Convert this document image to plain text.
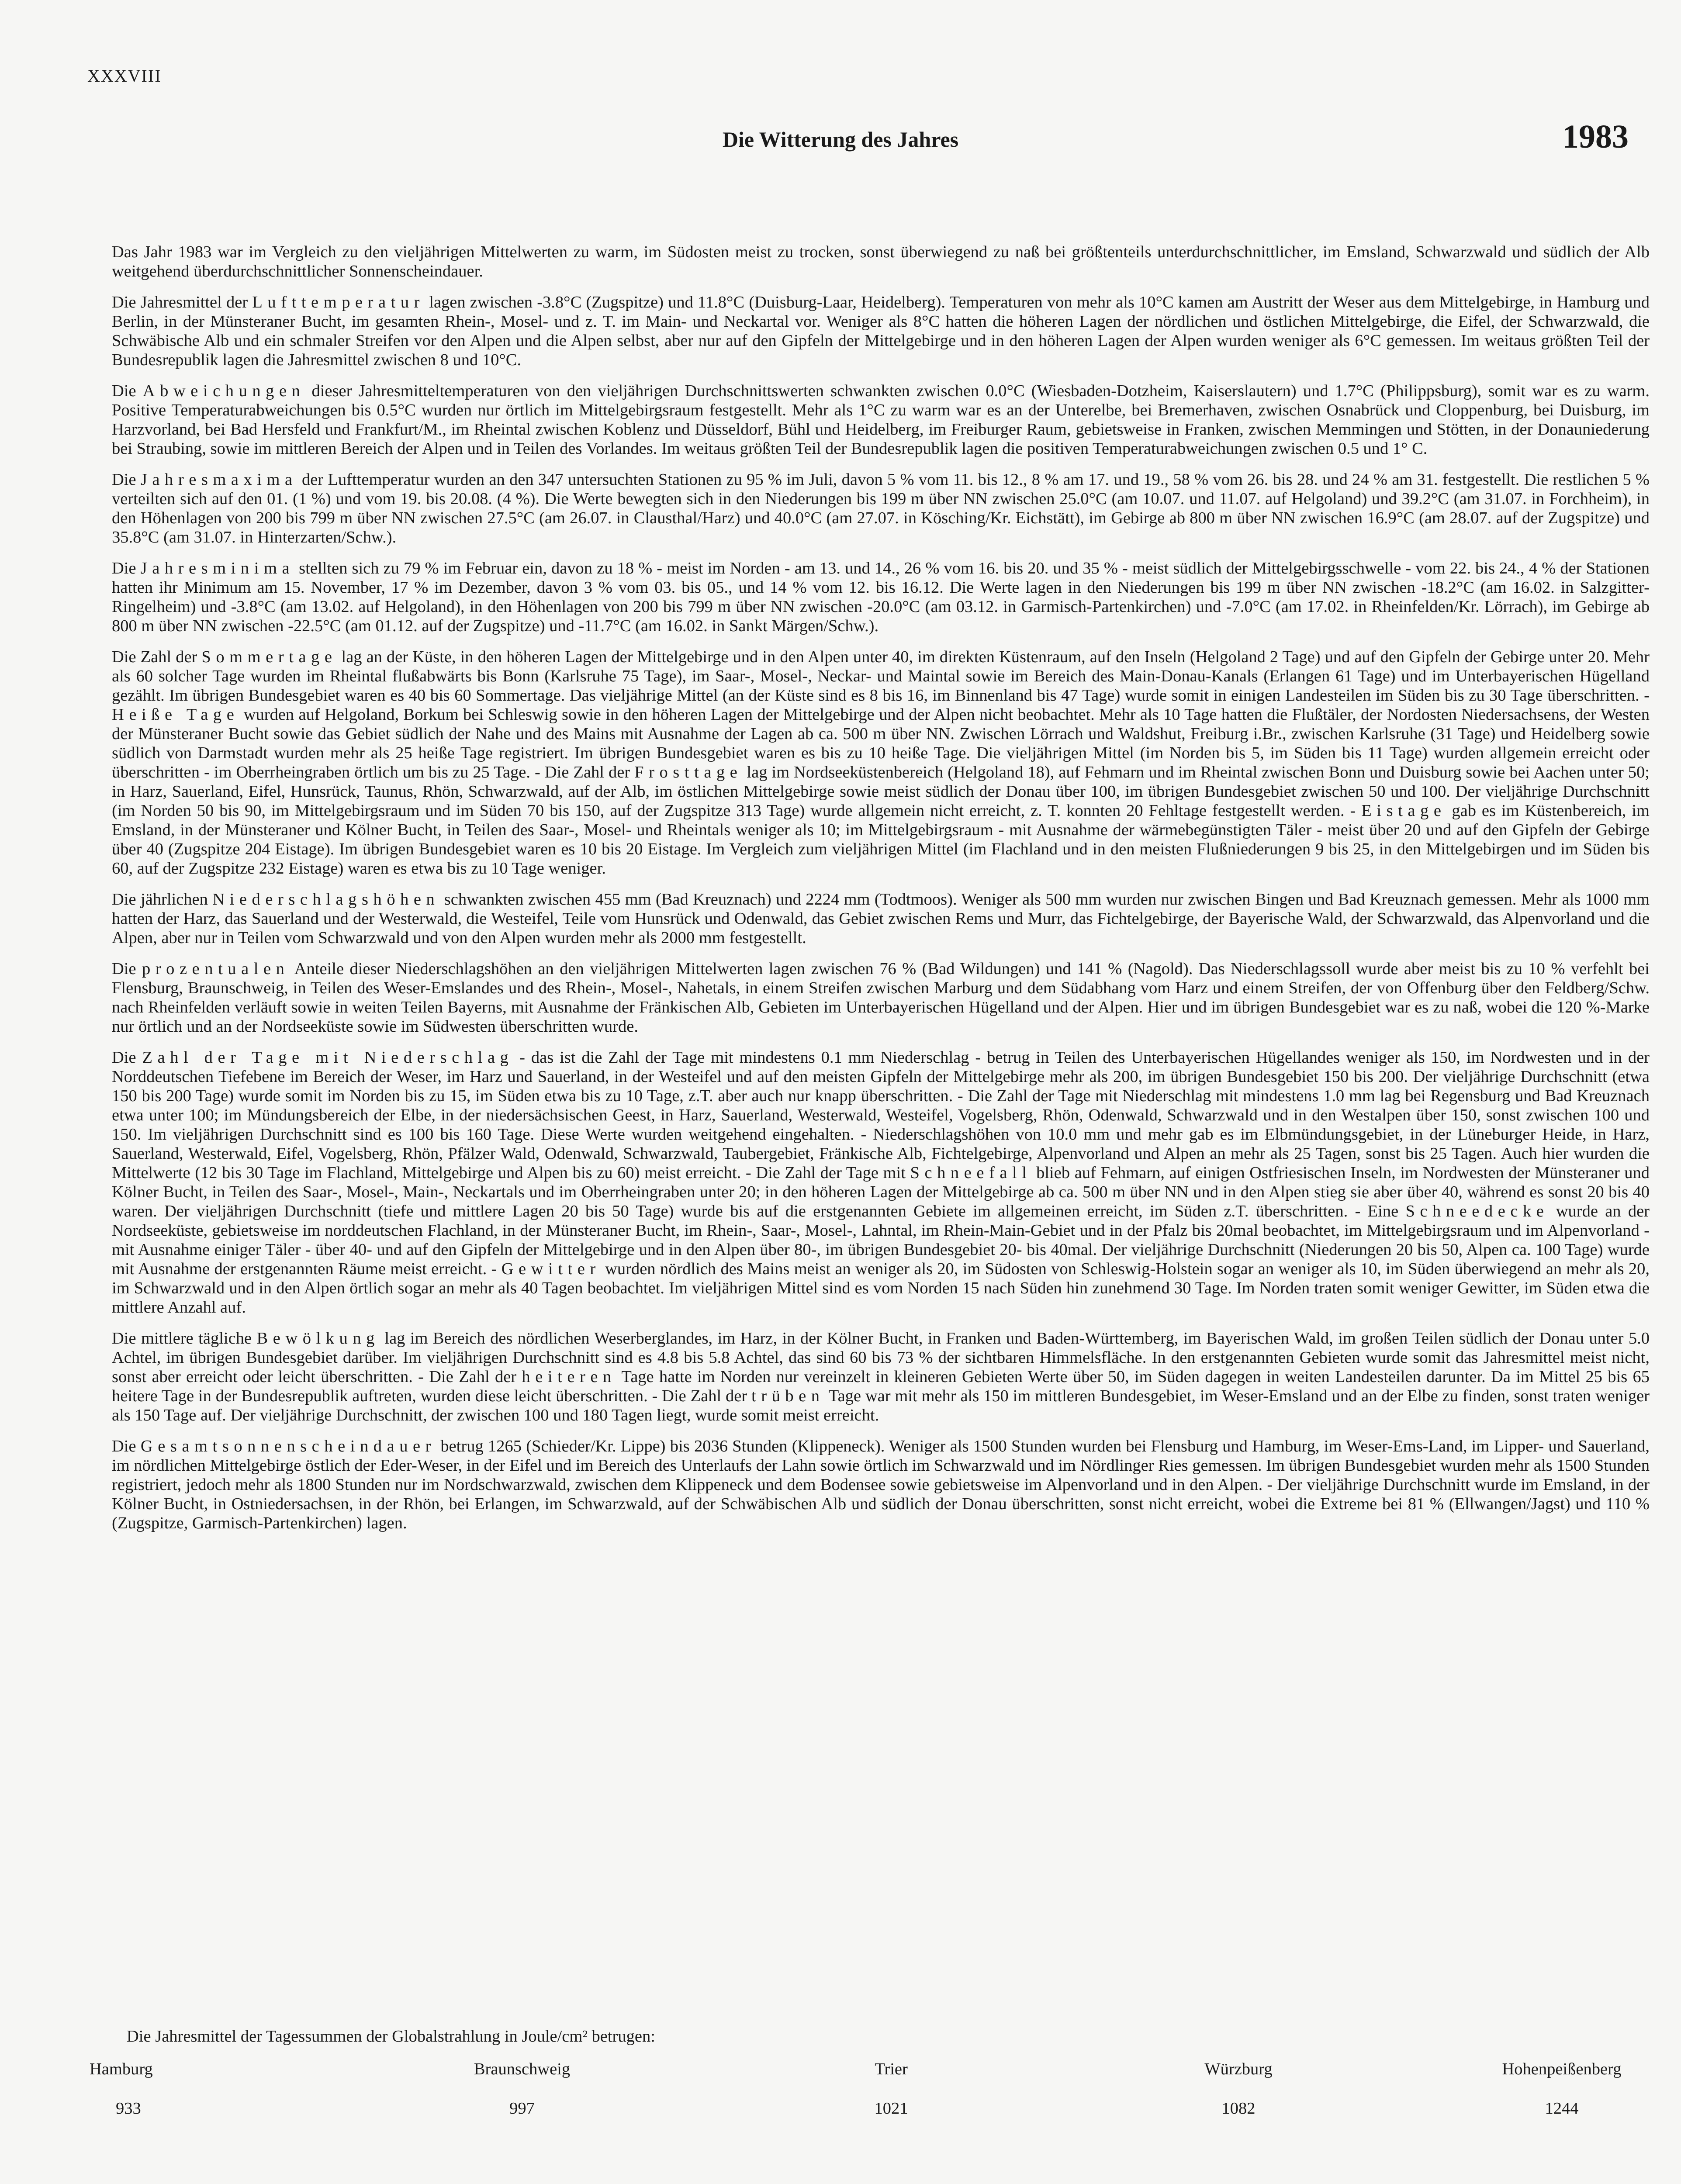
XXXVIII
Die Witterung des Jahres	1983

Das Jahr 1983 war im Vergleich zu den vieljährigen Mittelwerten zu warm, im Südosten meist zu trocken, sonst überwiegend zu naß bei größtenteils unterdurchschnittlicher, im Emsland, Schwarzwald und südlich der Alb weitgehend überdurchschnittlicher Sonnenscheindauer.

Die Jahresmittel der Lufttemperatur lagen zwischen -3.8°C (Zugspitze) und 11.8°C (Duisburg-Laar, Heidelberg). Temperaturen von mehr als 10°C kamen am Austritt der Weser aus dem Mittelgebirge, in Hamburg und Berlin, in der Münsteraner Bucht, im gesamten Rhein-, Mosel- und z. T. im Main- und Neckartal vor. Weniger als 8°C hatten die höheren Lagen der nördlichen und östlichen Mittelgebirge, die Eifel, der Schwarzwald, die Schwäbische Alb und ein schmaler Streifen vor den Alpen und die Alpen selbst, aber nur auf den Gipfeln der Mittelgebirge und in den höheren Lagen der Alpen wurden weniger als 6°C gemessen. Im weitaus größten Teil der Bundesrepublik lagen die Jahresmittel zwischen 8 und 10°C.

Die Abweichungen dieser Jahresmitteltemperaturen von den vieljährigen Durchschnittswerten schwankten zwischen 0.0°C (Wiesbaden-Dotzheim, Kaiserslautern) und 1.7°C (Philippsburg), somit war es zu warm. Positive Temperaturabweichungen bis 0.5°C wurden nur örtlich im Mittelgebirgsraum festgestellt. Mehr als 1°C zu warm war es an der Unterelbe, bei Bremerhaven, zwischen Osnabrück und Cloppenburg, bei Duisburg, im Harzvorland, bei Bad Hersfeld und Frankfurt/M., im Rheintal zwischen Koblenz und Düsseldorf, Bühl und Heidelberg, im Freiburger Raum, gebietsweise in Franken, zwischen Memmingen und Stötten, in der Donauniederung bei Straubing, sowie im mittleren Bereich der Alpen und in Teilen des Vorlandes. Im weitaus größten Teil der Bundesrepublik lagen die positiven Temperaturabweichungen zwischen 0.5 und 1° C.

Die Jahresmaxima der Lufttemperatur wurden an den 347 untersuchten Stationen zu 95 % im Juli, davon 5 % vom 11. bis 12., 8 % am 17. und 19., 58 % vom 26. bis 28. und 24 % am 31. festgestellt. Die restlichen 5 % verteilten sich auf den 01. (1 %) und vom 19. bis 20.08. (4 %). Die Werte bewegten sich in den Niederungen bis 199 m über NN zwischen 25.0°C (am 10.07. und 11.07. auf Helgoland) und 39.2°C (am 31.07. in Forchheim), in den Höhenlagen von 200 bis 799 m über NN zwischen 27.5°C (am 26.07. in Clausthal/Harz) und 40.0°C (am 27.07. in Kösching/Kr. Eichstätt), im Gebirge ab 800 m über NN zwischen 16.9°C (am 28.07. auf der Zugspitze) und 35.8°C (am 31.07. in Hinterzarten/Schw.).

Die Jahresminima stellten sich zu 79 % im Februar ein, davon zu 18 % - meist im Norden - am 13. und 14., 26 % vom 16. bis 20. und 35 % - meist südlich der Mittelgebirgsschwelle - vom 22. bis 24., 4 % der Stationen hatten ihr Minimum am 15. November, 17 % im Dezember, davon 3 % vom 03. bis 05., und 14 % vom 12. bis 16.12. Die Werte lagen in den Niederungen bis 199 m über NN zwischen -18.2°C (am 16.02. in Salzgitter-Ringelheim) und -3.8°C (am 13.02. auf Helgoland), in den Höhenlagen von 200 bis 799 m über NN zwischen -20.0°C (am 03.12. in Garmisch-Partenkirchen) und -7.0°C (am 17.02. in Rheinfelden/Kr. Lörrach), im Gebirge ab 800 m über NN zwischen -22.5°C (am 01.12. auf der Zugspitze) und -11.7°C (am 16.02. in Sankt Märgen/Schw.).

Die Zahl der Sommertage lag an der Küste, in den höheren Lagen der Mittelgebirge und in den Alpen unter 40, im direkten Küstenraum, auf den Inseln (Helgoland 2 Tage) und auf den Gipfeln der Gebirge unter 20. Mehr als 60 solcher Tage wurden im Rheintal flußabwärts bis Bonn (Karlsruhe 75 Tage), im Saar-, Mosel-, Neckar- und Maintal sowie im Bereich des Main-Donau-Kanals (Erlangen 61 Tage) und im Unterbayerischen Hügelland gezählt. Im übrigen Bundesgebiet waren es 40 bis 60 Sommertage. Das vieljährige Mittel (an der Küste sind es 8 bis 16, im Binnenland bis 47 Tage) wurde somit in einigen Landesteilen im Süden bis zu 30 Tage überschritten. - Heiße Tage wurden auf Helgoland, Borkum bei Schleswig sowie in den höheren Lagen der Mittelgebirge und der Alpen nicht beobachtet. Mehr als 10 Tage hatten die Flußtäler, der Nordosten Niedersachsens, der Westen der Münsteraner Bucht sowie das Gebiet südlich der Nahe und des Mains mit Ausnahme der Lagen ab ca. 500 m über NN. Zwischen Lörrach und Waldshut, Freiburg i.Br., zwischen Karlsruhe (31 Tage) und Heidelberg sowie südlich von Darmstadt wurden mehr als 25 heiße Tage registriert. Im übrigen Bundesgebiet waren es bis zu 10 heiße Tage. Die vieljährigen Mittel (im Norden bis 5, im Süden bis 11 Tage) wurden allgemein erreicht oder überschritten - im Oberrheingraben örtlich um bis zu 25 Tage. - Die Zahl der Frosttage lag im Nordseeküstenbereich (Helgoland 18), auf Fehmarn und im Rheintal zwischen Bonn und Duisburg sowie bei Aachen unter 50; in Harz, Sauerland, Eifel, Hunsrück, Taunus, Rhön, Schwarzwald, auf der Alb, im östlichen Mittelgebirge sowie meist südlich der Donau über 100, im übrigen Bundesgebiet zwischen 50 und 100. Der vieljährige Durchschnitt (im Norden 50 bis 90, im Mittelgebirgsraum und im Süden 70 bis 150, auf der Zugspitze 313 Tage) wurde allgemein nicht erreicht, z. T. konnten 20 Fehltage festgestellt werden. - Eistage gab es im Küstenbereich, im Emsland, in der Münsteraner und Kölner Bucht, in Teilen des Saar-, Mosel- und Rheintals weniger als 10; im Mittelgebirgsraum - mit Ausnahme der wärmebegünstigten Täler - meist über 20 und auf den Gipfeln der Gebirge über 40 (Zugspitze 204 Eistage). Im übrigen Bundesgebiet waren es 10 bis 20 Eistage. Im Vergleich zum vieljährigen Mittel (im Flachland und in den meisten Flußniederungen 9 bis 25, in den Mittelgebirgen und im Süden bis 60, auf der Zugspitze 232 Eistage) waren es etwa bis zu 10 Tage weniger.

Die jährlichen Niederschlagshöhen schwankten zwischen 455 mm (Bad Kreuznach) und 2224 mm (Todtmoos). Weniger als 500 mm wurden nur zwischen Bingen und Bad Kreuznach gemessen. Mehr als 1000 mm hatten der Harz, das Sauerland und der Westerwald, die Westeifel, Teile vom Hunsrück und Odenwald, das Gebiet zwischen Rems und Murr, das Fichtelgebirge, der Bayerische Wald, der Schwarzwald, das Alpenvorland und die Alpen, aber nur in Teilen vom Schwarzwald und von den Alpen wurden mehr als 2000 mm festgestellt.

Die prozentualen Anteile dieser Niederschlagshöhen an den vieljährigen Mittelwerten lagen zwischen 76 % (Bad Wildungen) und 141 % (Nagold). Das Niederschlagssoll wurde aber meist bis zu 10 % verfehlt bei Flensburg, Braunschweig, in Teilen des Weser-Emslandes und des Rhein-, Mosel-, Nahetals, in einem Streifen zwischen Marburg und dem Südabhang vom Harz und einem Streifen, der von Offenburg über den Feldberg/Schw. nach Rheinfelden verläuft sowie in weiten Teilen Bayerns, mit Ausnahme der Fränkischen Alb, Gebieten im Unterbayerischen Hügelland und der Alpen. Hier und im übrigen Bundesgebiet war es zu naß, wobei die 120 %-Marke nur örtlich und an der Nordseeküste sowie im Südwesten überschritten wurde.

Die Zahl der Tage mit Niederschlag - das ist die Zahl der Tage mit mindestens 0.1 mm Niederschlag - betrug in Teilen des Unterbayerischen Hügellandes weniger als 150, im Nordwesten und in der Norddeutschen Tiefebene im Bereich der Weser, im Harz und Sauerland, in der Westeifel und auf den meisten Gipfeln der Mittelgebirge mehr als 200, im übrigen Bundesgebiet 150 bis 200. Der vieljährige Durchschnitt (etwa 150 bis 200 Tage) wurde somit im Norden bis zu 15, im Süden etwa bis zu 10 Tage, z.T. aber auch nur knapp überschritten. - Die Zahl der Tage mit Niederschlag mit mindestens 1.0 mm lag bei Regensburg und Bad Kreuznach etwa unter 100; im Mündungsbereich der Elbe, in der niedersächsischen Geest, in Harz, Sauerland, Westerwald, Westeifel, Vogelsberg, Rhön, Odenwald, Schwarzwald und in den Westalpen über 150, sonst zwischen 100 und 150. Im vieljährigen Durchschnitt sind es 100 bis 160 Tage. Diese Werte wurden weitgehend eingehalten. - Niederschlagshöhen von 10.0 mm und mehr gab es im Elbmündungsgebiet, in der Lüneburger Heide, in Harz, Sauerland, Westerwald, Eifel, Vogelsberg, Rhön, Pfälzer Wald, Odenwald, Schwarzwald, Taubergebiet, Fränkische Alb, Fichtelgebirge, Alpenvorland und Alpen an mehr als 25 Tagen, sonst bis 25 Tagen. Auch hier wurden die Mittelwerte (12 bis 30 Tage im Flachland, Mittelgebirge und Alpen bis zu 60) meist erreicht. - Die Zahl der Tage mit Schneefall blieb auf Fehmarn, auf einigen Ostfriesischen Inseln, im Nordwesten der Münsteraner und Kölner Bucht, in Teilen des Saar-, Mosel-, Main-, Neckartals und im Oberrheingraben unter 20; in den höheren Lagen der Mittelgebirge ab ca. 500 m über NN und in den Alpen stieg sie aber über 40, während es sonst 20 bis 40 waren. Der vieljährigen Durchschnitt (tiefe und mittlere Lagen 20 bis 50 Tage) wurde bis auf die erstgenannten Gebiete im allgemeinen erreicht, im Süden z.T. überschritten. - Eine Schneedecke wurde an der Nordseeküste, gebietsweise im norddeutschen Flachland, in der Münsteraner Bucht, im Rhein-, Saar-, Mosel-, Lahntal, im Rhein-Main-Gebiet und in der Pfalz bis 20mal beobachtet, im Mittelgebirgsraum und im Alpenvorland - mit Ausnahme einiger Täler - über 40- und auf den Gipfeln der Mittelgebirge und in den Alpen über 80-, im übrigen Bundesgebiet 20- bis 40mal. Der vieljährige Durchschnitt (Niederungen 20 bis 50, Alpen ca. 100 Tage) wurde mit Ausnahme der erstgenannten Räume meist erreicht. - Gewitter wurden nördlich des Mains meist an weniger als 20, im Südosten von Schleswig-Holstein sogar an weniger als 10, im Süden überwiegend an mehr als 20, im Schwarzwald und in den Alpen örtlich sogar an mehr als 40 Tagen beobachtet. Im vieljährigen Mittel sind es vom Norden 15 nach Süden hin zunehmend 30 Tage. Im Norden traten somit weniger Gewitter, im Süden etwa die mittlere Anzahl auf.

Die mittlere tägliche Bewölkung lag im Bereich des nördlichen Weserberglandes, im Harz, in der Kölner Bucht, in Franken und Baden-Württemberg, im Bayerischen Wald, im großen Teilen südlich der Donau unter 5.0 Achtel, im übrigen Bundesgebiet darüber. Im vieljährigen Durchschnitt sind es 4.8 bis 5.8 Achtel, das sind 60 bis 73 % der sichtbaren Himmelsfläche. In den erstgenannten Gebieten wurde somit das Jahresmittel meist nicht, sonst aber erreicht oder leicht überschritten. - Die Zahl der heiteren Tage hatte im Norden nur vereinzelt in kleineren Gebieten Werte über 50, im Süden dagegen in weiten Landesteilen darunter. Da im Mittel 25 bis 65 heitere Tage in der Bundesrepublik auftreten, wurden diese leicht überschritten. - Die Zahl der trüben Tage war mit mehr als 150 im mittleren Bundesgebiet, im Weser-Emsland und an der Elbe zu finden, sonst traten weniger als 150 Tage auf. Der vieljährige Durchschnitt, der zwischen 100 und 180 Tagen liegt, wurde somit meist erreicht.

Die Gesamtsonnenscheindauer betrug 1265 (Schieder/Kr. Lippe) bis 2036 Stunden (Klippeneck). Weniger als 1500 Stunden wurden bei Flensburg und Hamburg, im Weser-Ems-Land, im Lipper- und Sauerland, im nördlichen Mittelgebirge östlich der Eder-Weser, in der Eifel und im Bereich des Unterlaufs der Lahn sowie örtlich im Schwarzwald und im Nördlinger Ries gemessen. Im übrigen Bundesgebiet wurden mehr als 1500 Stunden registriert, jedoch mehr als 1800 Stunden nur im Nordschwarzwald, zwischen dem Klippeneck und dem Bodensee sowie gebietsweise im Alpenvorland und in den Alpen. - Der vieljährige Durchschnitt wurde im Emsland, in der Kölner Bucht, in Ostniedersachsen, in der Rhön, bei Erlangen, im Schwarzwald, auf der Schwäbischen Alb und südlich der Donau überschritten, sonst nicht erreicht, wobei die Extreme bei 81 % (Ellwangen/Jagst) und 110 % (Zugspitze, Garmisch-Partenkirchen) lagen.

Die Jahresmittel der Tagessummen der Globalstrahlung in Joule/cm² betrugen:
Hamburg
933
Braunschweig
997
Trier
1021
Würzburg
1082
Hohenpeißenberg
1244
